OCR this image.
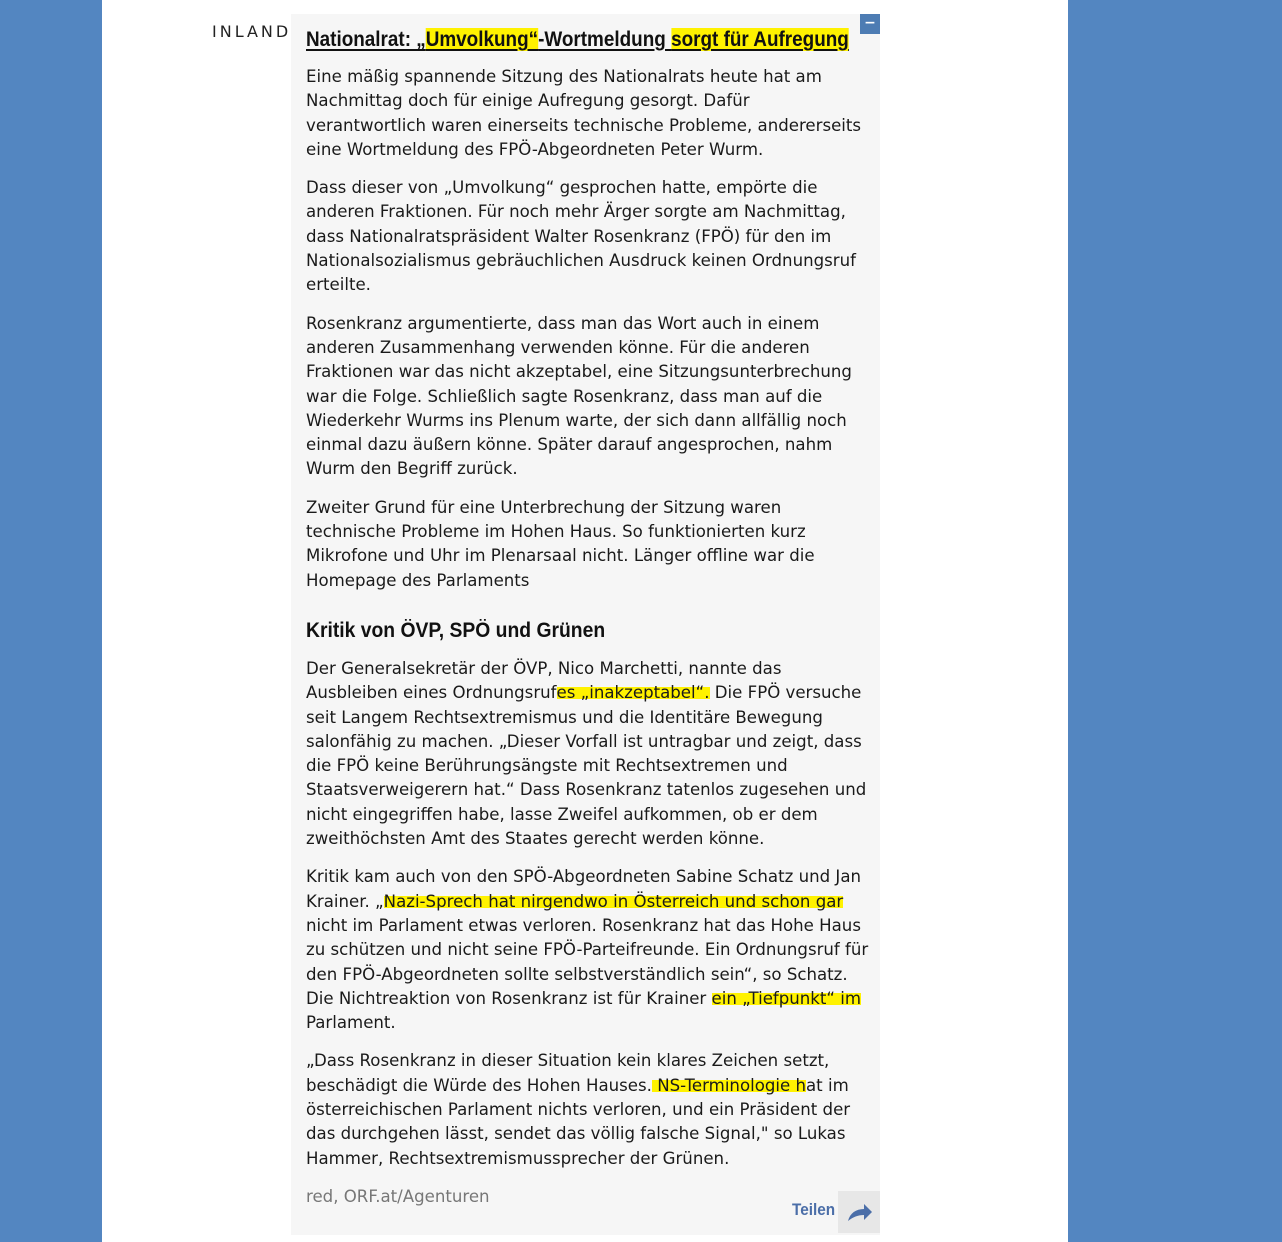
INLAND	−
Nationalrat: „Umvolkung“-Wortmeldung sorgt für Aufregung

Eine mäßig spannende Sitzung des Nationalrats heute hat am Nachmittag doch für einige Aufregung gesorgt. Dafür verantwortlich waren einerseits technische Probleme, andererseits eine Wortmeldung des FPÖ-Abgeordneten Peter Wurm.

Dass dieser von „Umvolkung“ gesprochen hatte, empörte die anderen Fraktionen. Für noch mehr Ärger sorgte am Nachmittag, dass Nationalratspräsident Walter Rosenkranz (FPÖ) für den im Nationalsozialismus gebräuchlichen Ausdruck keinen Ordnungsruf erteilte.

Rosenkranz argumentierte, dass man das Wort auch in einem anderen Zusammenhang verwenden könne. Für die anderen Fraktionen war das nicht akzeptabel, eine Sitzungsunterbrechung war die Folge. Schließlich sagte Rosenkranz, dass man auf die Wiederkehr Wurms ins Plenum warte, der sich dann allfällig noch einmal dazu äußern könne. Später darauf angesprochen, nahm Wurm den Begriff zurück.

Zweiter Grund für eine Unterbrechung der Sitzung waren technische Probleme im Hohen Haus. So funktionierten kurz Mikrofone und Uhr im Plenarsaal nicht. Länger offline war die Homepage des Parlaments

Kritik von ÖVP, SPÖ und Grünen

Der Generalsekretär der ÖVP, Nico Marchetti, nannte das Ausbleiben eines Ordnungsrufes „inakzeptabel“. Die FPÖ versuche seit Langem Rechtsextremismus und die Identitäre Bewegung salonfähig zu machen. „Dieser Vorfall ist untragbar und zeigt, dass die FPÖ keine Berührungsängste mit Rechtsextremen und Staatsverweigerern hat.“ Dass Rosenkranz tatenlos zugesehen und nicht eingegriffen habe, lasse Zweifel aufkommen, ob er dem zweithöchsten Amt des Staates gerecht werden könne.

Kritik kam auch von den SPÖ-Abgeordneten Sabine Schatz und Jan Krainer. „Nazi-Sprech hat nirgendwo in Österreich und schon gar nicht im Parlament etwas verloren. Rosenkranz hat das Hohe Haus zu schützen und nicht seine FPÖ-Parteifreunde. Ein Ordnungsruf für den FPÖ-Abgeordneten sollte selbstverständlich sein“, so Schatz. Die Nichtreaktion von Rosenkranz ist für Krainer ein „Tiefpunkt“ im Parlament.

„Dass Rosenkranz in dieser Situation kein klares Zeichen setzt, beschädigt die Würde des Hohen Hauses. NS-Terminologie hat im österreichischen Parlament nichts verloren, und ein Präsident der das durchgehen lässt, sendet das völlig falsche Signal," so Lukas Hammer, Rechtsextremismussprecher der Grünen.

red, ORF.at/Agenturen
Teilen
